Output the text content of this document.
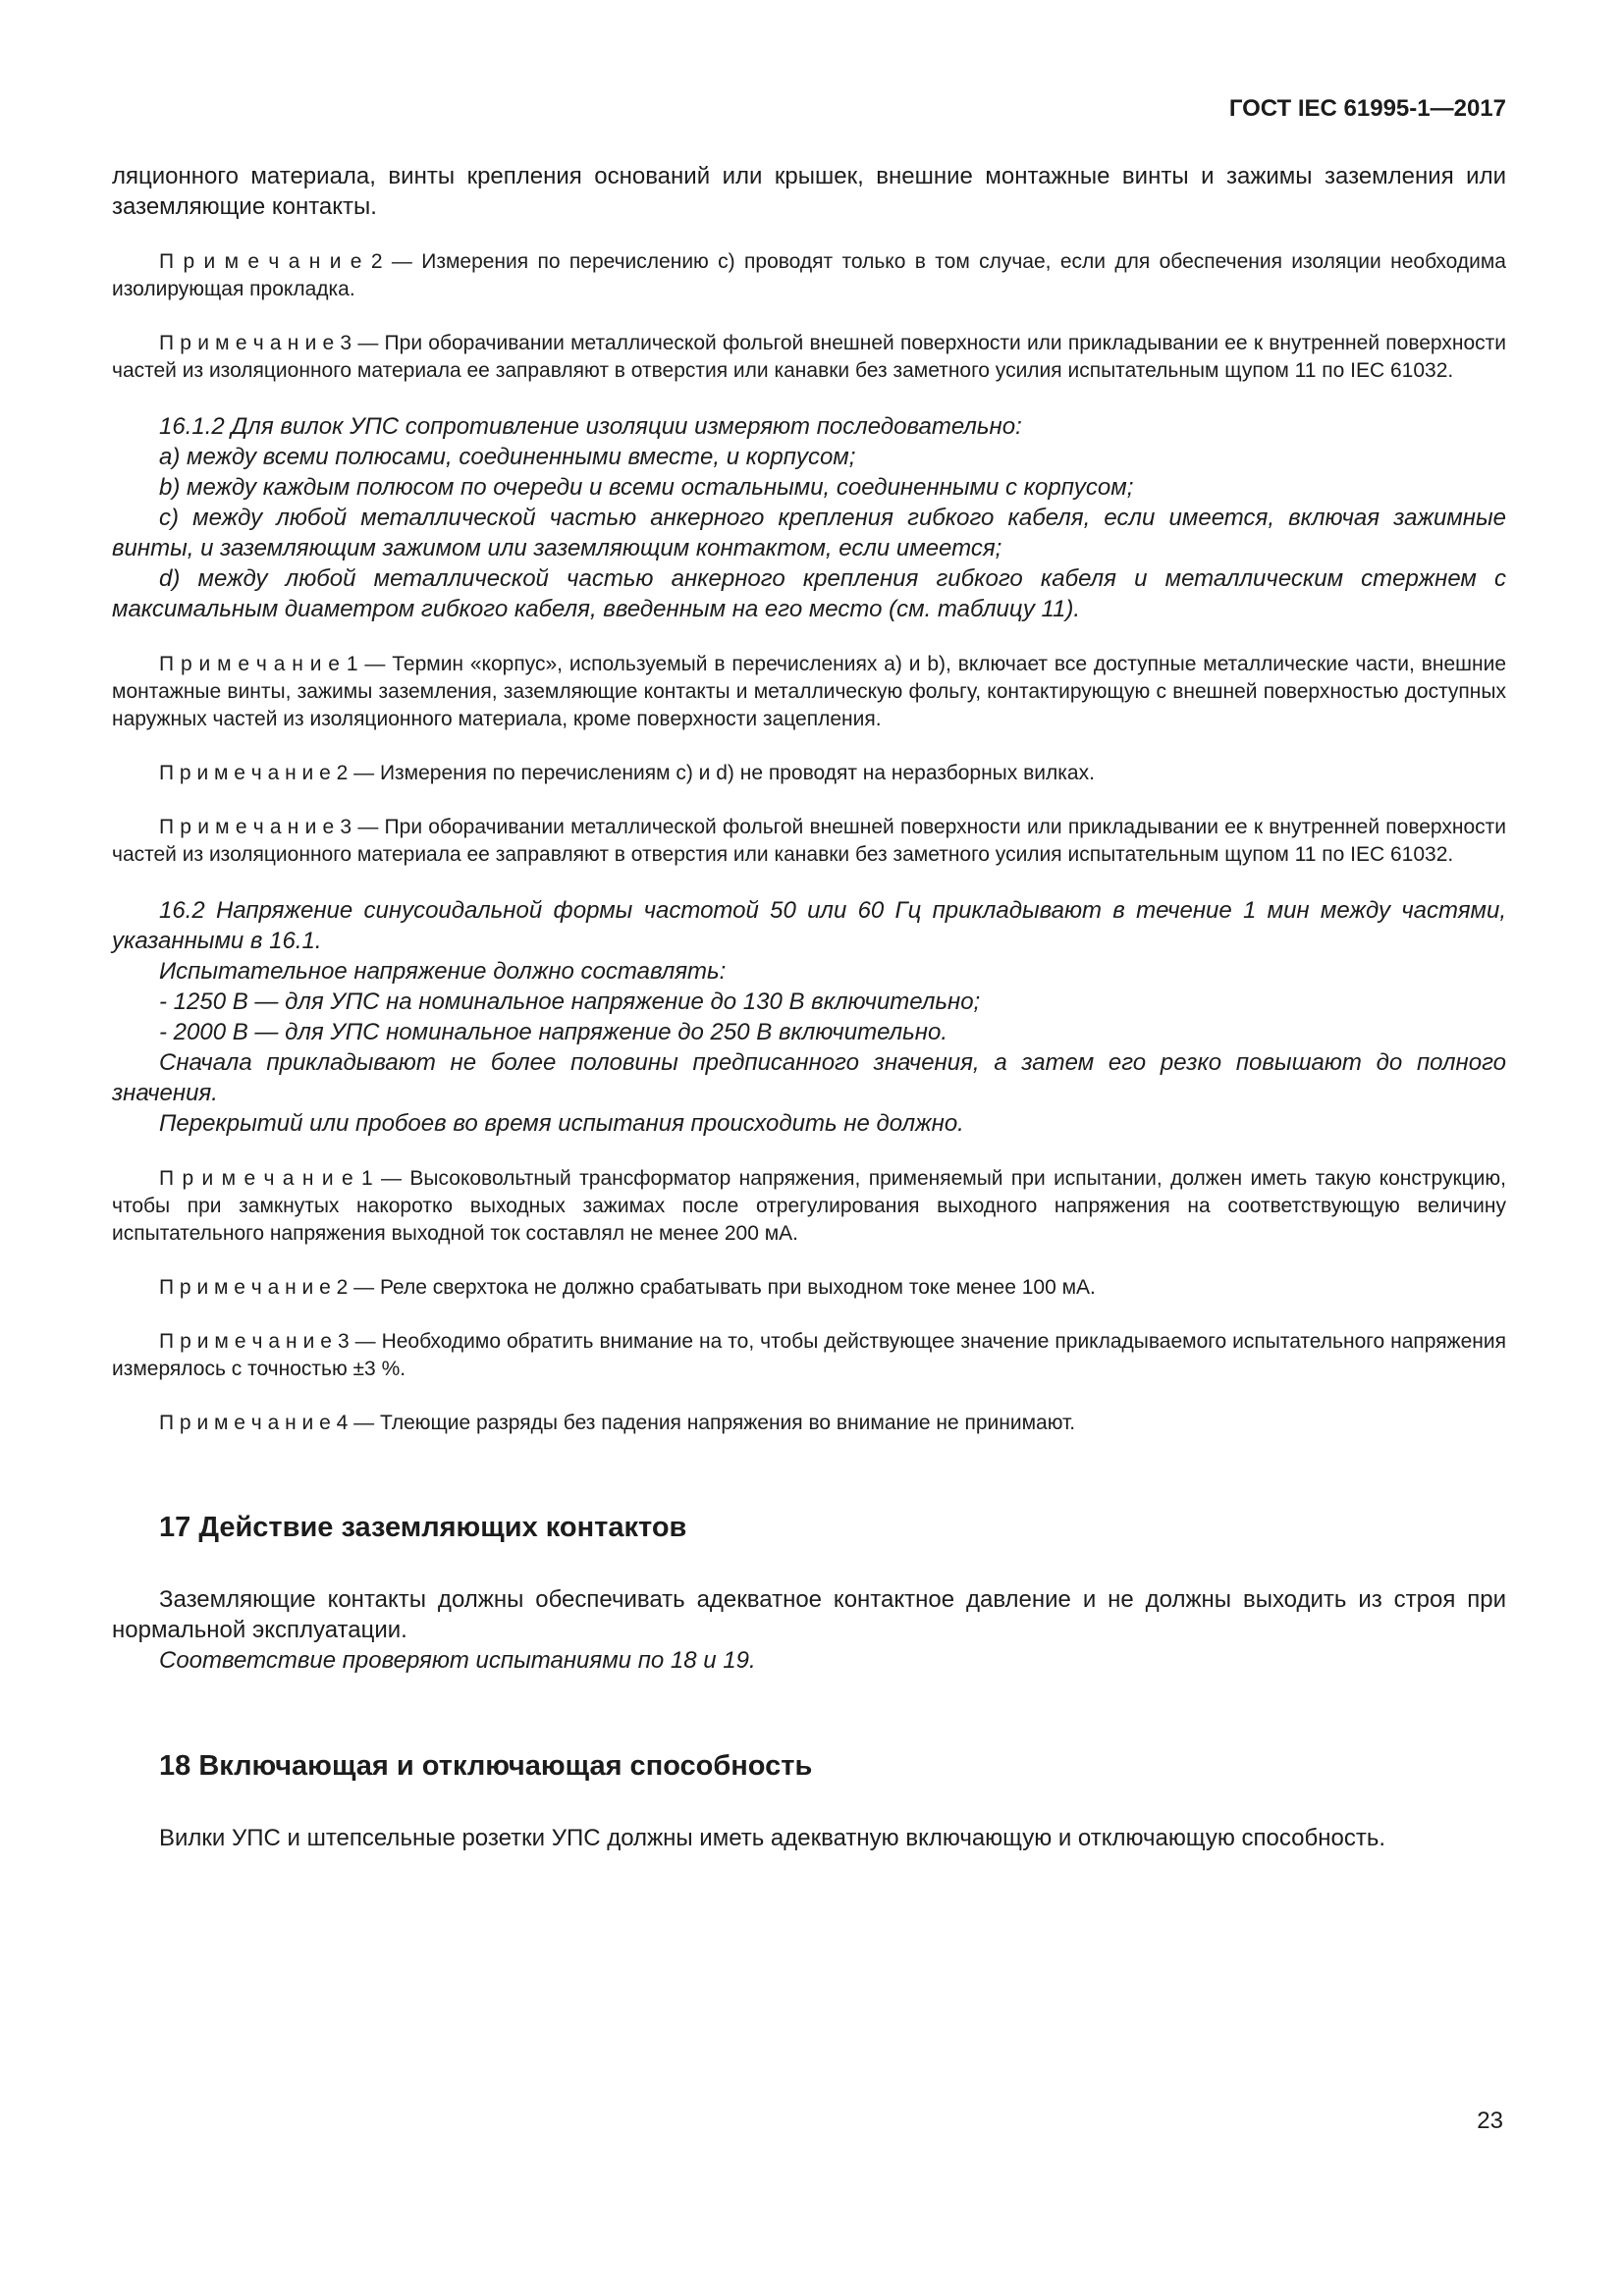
ГОСТ IEC 61995-1—2017

ляционного материала, винты крепления оснований или крышек, внешние монтажные винты и зажимы заземления или заземляющие контакты.

П р и м е ч а н и е 2 — Измерения по перечислению c) проводят только в том случае, если для обеспечения изоляции необходима изолирующая прокладка.

П р и м е ч а н и е 3 — При оборачивании металлической фольгой внешней поверхности или прикладывании ее к внутренней поверхности частей из изоляционного материала ее заправляют в отверстия или канавки без заметного усилия испытательным щупом 11 по IEC 61032.

16.1.2 Для вилок УПС сопротивление изоляции измеряют последовательно:

a) между всеми полюсами, соединенными вместе, и корпусом;

b) между каждым полюсом по очереди и всеми остальными, соединенными с корпусом;

c) между любой металлической частью анкерного крепления гибкого кабеля, если имеется, включая зажимные винты, и заземляющим зажимом или заземляющим контактом, если имеется;

d) между любой металлической частью анкерного крепления гибкого кабеля и металлическим стержнем с максимальным диаметром гибкого кабеля, введенным на его место (см. таблицу 11).

П р и м е ч а н и е 1 — Термин «корпус», используемый в перечислениях a) и b), включает все доступные металлические части, внешние монтажные винты, зажимы заземления, заземляющие контакты и металлическую фольгу, контактирующую с внешней поверхностью доступных наружных частей из изоляционного материала, кроме поверхности зацепления.

П р и м е ч а н и е 2 — Измерения по перечислениям c) и d) не проводят на неразборных вилках.

П р и м е ч а н и е 3 — При оборачивании металлической фольгой внешней поверхности или прикладывании ее к внутренней поверхности частей из изоляционного материала ее заправляют в отверстия или канавки без заметного усилия испытательным щупом 11 по IEC 61032.

16.2 Напряжение синусоидальной формы частотой 50 или 60 Гц прикладывают в течение 1 мин между частями, указанными в 16.1.

Испытательное напряжение должно составлять:

- 1250 В — для УПС на номинальное напряжение до 130 В включительно;

- 2000 В — для УПС номинальное напряжение до 250 В включительно.

Сначала прикладывают не более половины предписанного значения, а затем его резко повышают до полного значения.

Перекрытий или пробоев во время испытания происходить не должно.

П р и м е ч а н и е 1 — Высоковольтный трансформатор напряжения, применяемый при испытании, должен иметь такую конструкцию, чтобы при замкнутых накоротко выходных зажимах после отрегулирования выходного напряжения на соответствующую величину испытательного напряжения выходной ток составлял не менее 200 мА.

П р и м е ч а н и е 2 — Реле сверхтока не должно срабатывать при выходном токе менее 100 мА.

П р и м е ч а н и е 3 — Необходимо обратить внимание на то, чтобы действующее значение прикладываемого испытательного напряжения измерялось с точностью ±3 %.

П р и м е ч а н и е 4 — Тлеющие разряды без падения напряжения во внимание не принимают.

17 Действие заземляющих контактов

Заземляющие контакты должны обеспечивать адекватное контактное давление и не должны выходить из строя при нормальной эксплуатации.

Соответствие проверяют испытаниями по 18 и 19.

18 Включающая и отключающая способность

Вилки УПС и штепсельные розетки УПС должны иметь адекватную включающую и отключающую способность.

23
